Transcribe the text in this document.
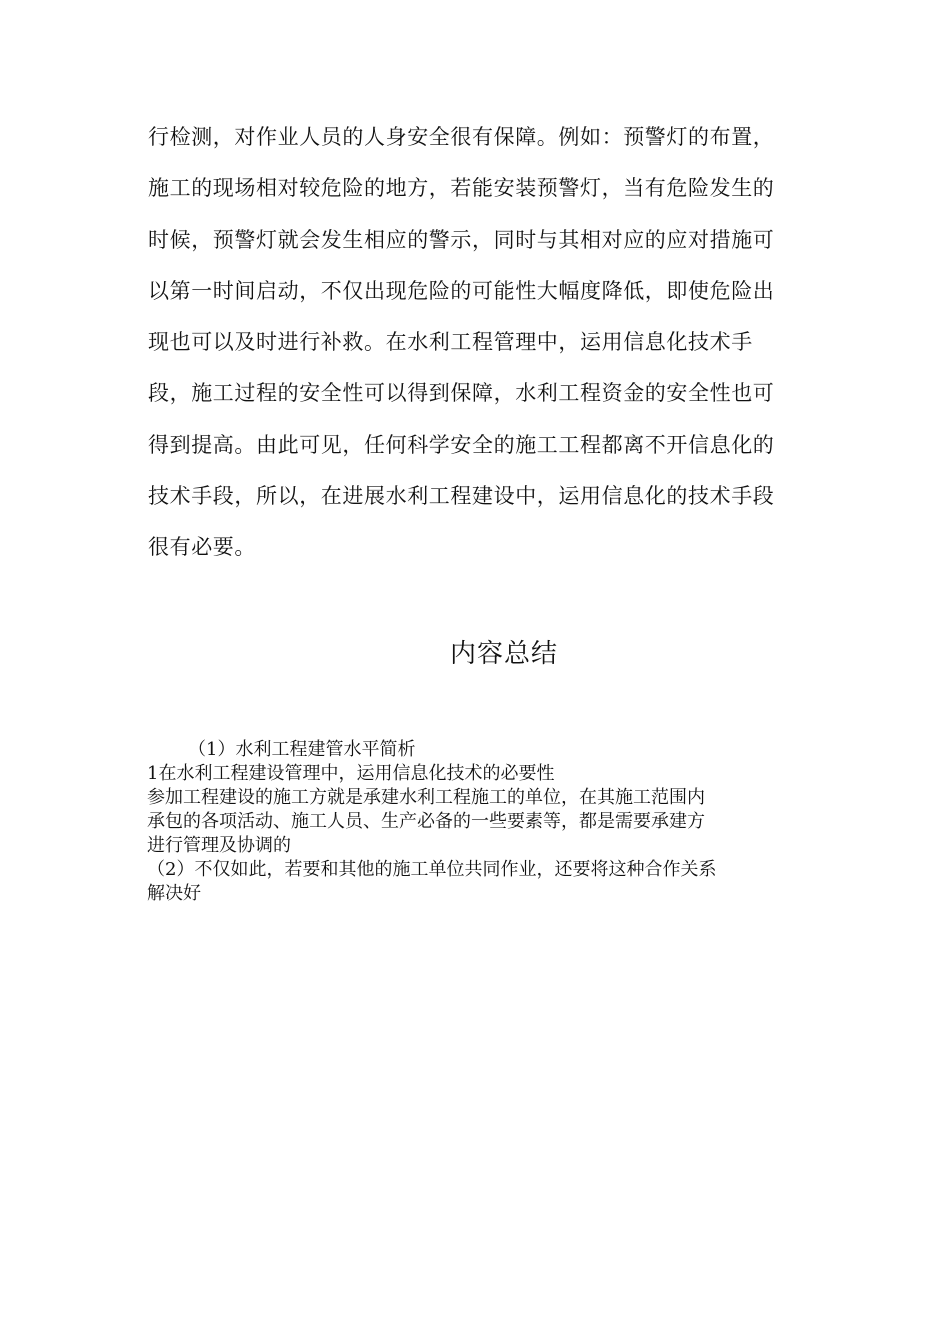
行检测，对作业人员的人身安全很有保障。例如：预警灯的布置，
施工的现场相对较危险的地方，若能安装预警灯，当有危险发生的
时候，预警灯就会发生相应的警示，同时与其相对应的应对措施可
以第一时间启动，不仅出现危险的可能性大幅度降低，即使危险出
现也可以及时进行补救。在水利工程管理中，运用信息化技术手
段，施工过程的安全性可以得到保障，水利工程资金的安全性也可
得到提高。由此可见，任何科学安全的施工工程都离不开信息化的
技术手段，所以，在进展水利工程建设中，运用信息化的技术手段
很有必要。
内容总结
（1）水利工程建管水平简析
1在水利工程建设管理中，运用信息化技术的必要性
参加工程建设的施工方就是承建水利工程施工的单位，在其施工范围内
承包的各项活动、施工人员、生产必备的一些要素等，都是需要承建方
进行管理及协调的
（2）不仅如此，若要和其他的施工单位共同作业，还要将这种合作关系
解决好
